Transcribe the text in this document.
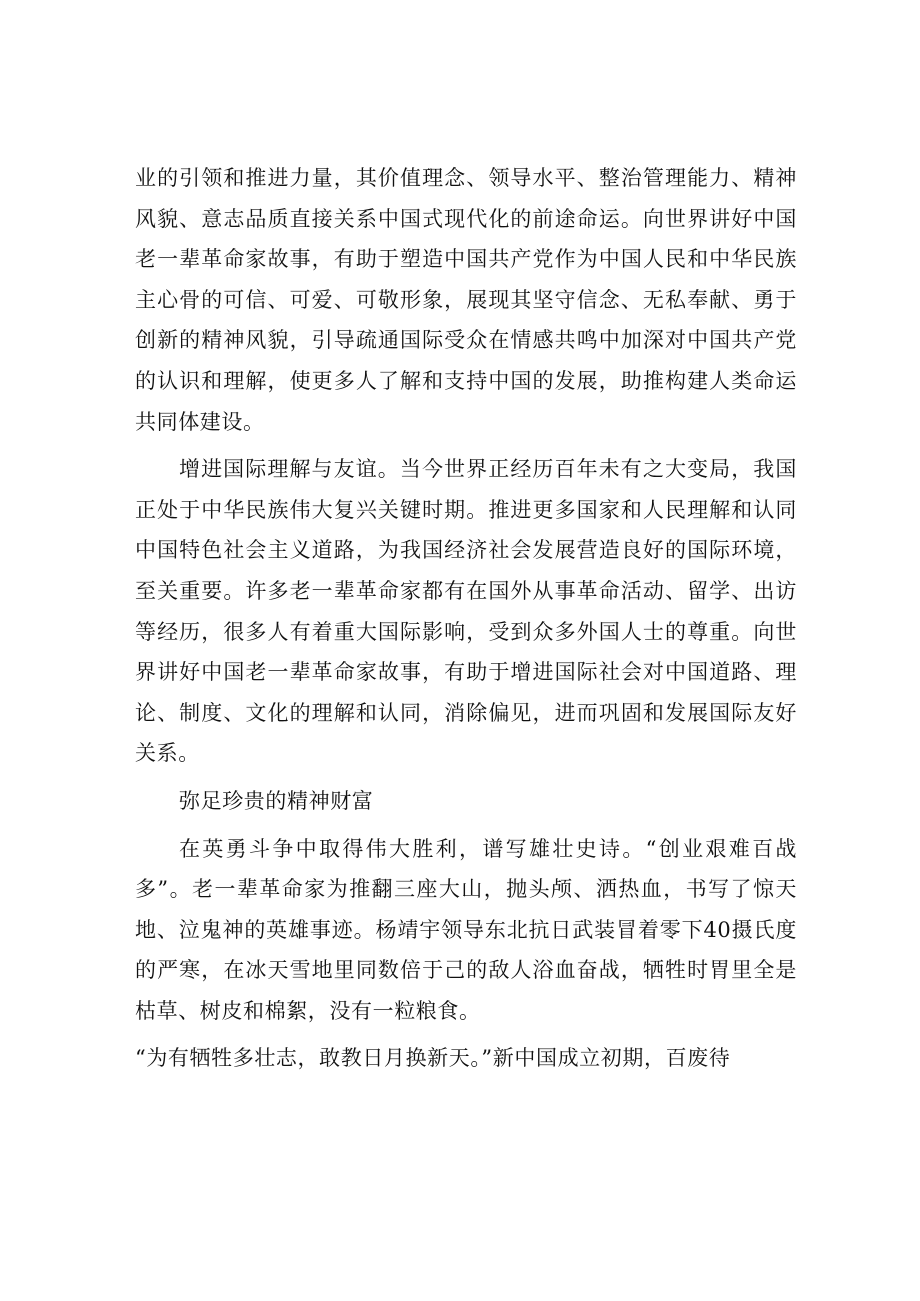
业的引领和推进力量，其价值理念、领导水平、整治管理能力、精神风貌、意志品质直接关系中国式现代化的前途命运。向世界讲好中国老一辈革命家故事，有助于塑造中国共产党作为中国人民和中华民族主心骨的可信、可爱、可敬形象，展现其坚守信念、无私奉献、勇于创新的精神风貌，引导疏通国际受众在情感共鸣中加深对中国共产党的认识和理解，使更多人了解和支持中国的发展，助推构建人类命运共同体建设。

增进国际理解与友谊。当今世界正经历百年未有之大变局，我国正处于中华民族伟大复兴关键时期。推进更多国家和人民理解和认同中国特色社会主义道路，为我国经济社会发展营造良好的国际环境，至关重要。许多老一辈革命家都有在国外从事革命活动、留学、出访等经历，很多人有着重大国际影响，受到众多外国人士的尊重。向世界讲好中国老一辈革命家故事，有助于增进国际社会对中国道路、理论、制度、文化的理解和认同，消除偏见，进而巩固和发展国际友好关系。

弥足珍贵的精神财富

在英勇斗争中取得伟大胜利，谱写雄壮史诗。“创业艰难百战多”。老一辈革命家为推翻三座大山，抛头颅、洒热血，书写了惊天地、泣鬼神的英雄事迹。杨靖宇领导东北抗日武装冒着零下40摄氏度的严寒，在冰天雪地里同数倍于己的敌人浴血奋战，牺牲时胃里全是枯草、树皮和棉絮，没有一粒粮食。

“为有牺牲多壮志，敢教日月换新天。”新中国成立初期，百废待
